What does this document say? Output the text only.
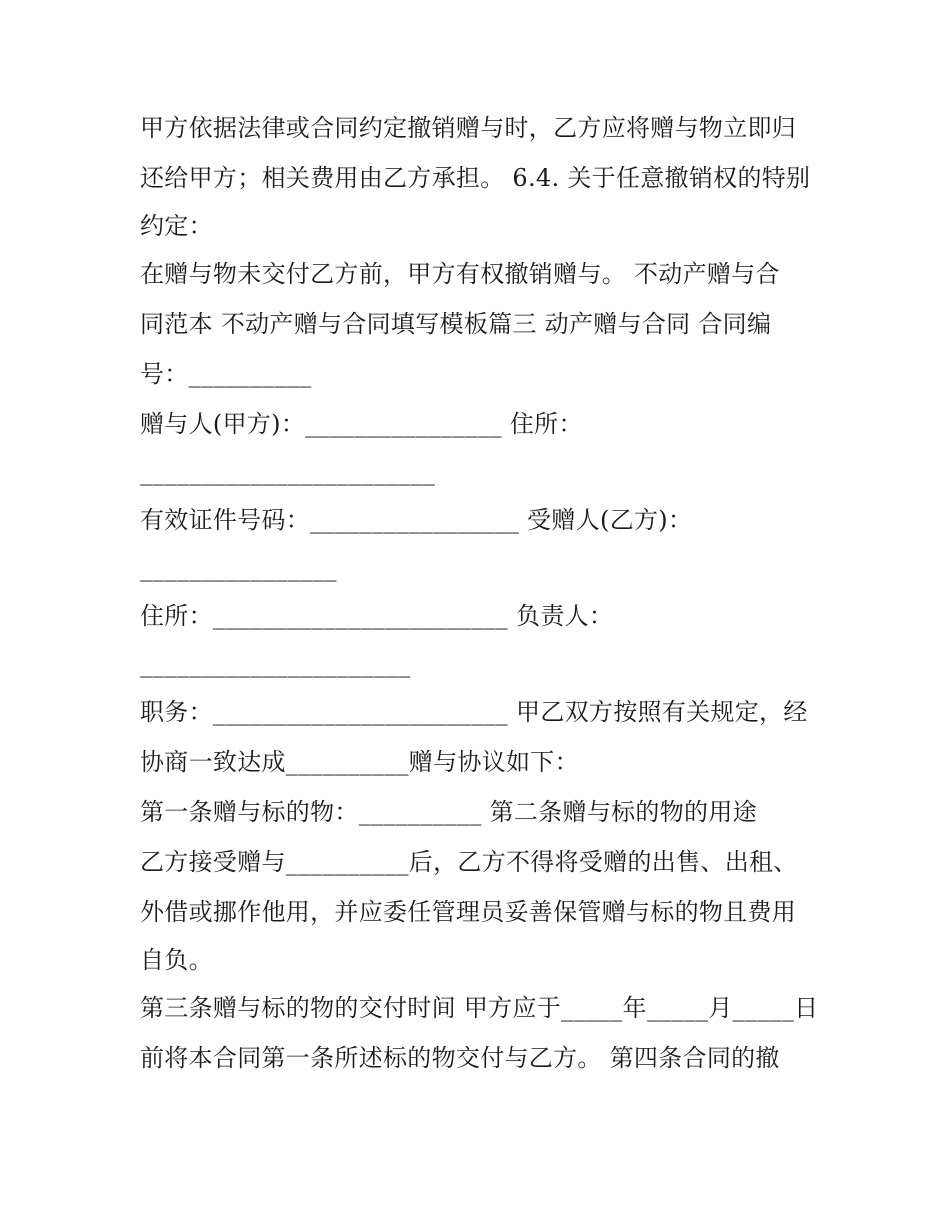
甲方依据法律或合同约定撤销赠与时，乙方应将赠与物立即归
还给甲方；相关费用由乙方承担。 6.4. 关于任意撤销权的特别
约定：
在赠与物未交付乙方前，甲方有权撤销赠与。 不动产赠与合
同范本 不动产赠与合同填写模板篇三 动产赠与合同 合同编
号：__________
赠与人(甲方)：________________ 住所：
________________________
有效证件号码：_________________ 受赠人(乙方)：
________________
住所：________________________ 负责人：
______________________
职务：________________________ 甲乙双方按照有关规定，经
协商一致达成__________赠与协议如下：
第一条赠与标的物：__________ 第二条赠与标的物的用途
乙方接受赠与__________后，乙方不得将受赠的出售、出租、
外借或挪作他用，并应委任管理员妥善保管赠与标的物且费用
自负。
第三条赠与标的物的交付时间 甲方应于_____年_____月_____日
前将本合同第一条所述标的物交付与乙方。 第四条合同的撤
